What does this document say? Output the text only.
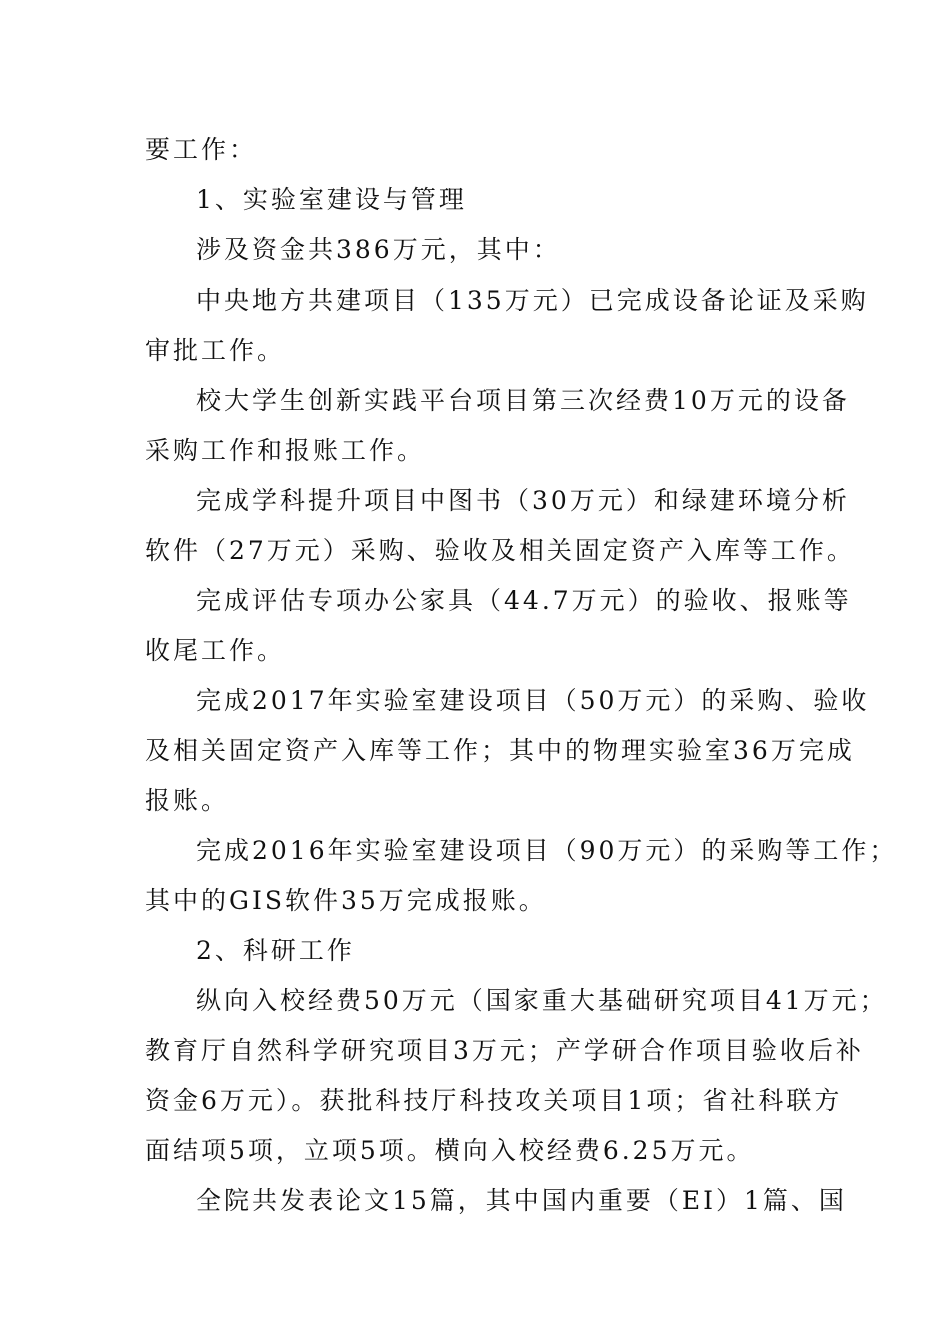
要工作：
1、实验室建设与管理
涉及资金共386万元，其中：
中央地方共建项目（135万元）已完成设备论证及采购
审批工作。
校大学生创新实践平台项目第三次经费10万元的设备
采购工作和报账工作。
完成学科提升项目中图书（30万元）和绿建环境分析
软件（27万元）采购、验收及相关固定资产入库等工作。
完成评估专项办公家具（44.7万元）的验收、报账等
收尾工作。
完成2017年实验室建设项目（50万元）的采购、验收
及相关固定资产入库等工作；其中的物理实验室36万完成
报账。
完成2016年实验室建设项目（90万元）的采购等工作；
其中的GIS软件35万完成报账。
2、科研工作
纵向入校经费50万元（国家重大基础研究项目41万元；
教育厅自然科学研究项目3万元；产学研合作项目验收后补
资金6万元）。获批科技厅科技攻关项目1项；省社科联方
面结项5项，立项5项。横向入校经费6.25万元。
全院共发表论文15篇，其中国内重要（EI）1篇、国
